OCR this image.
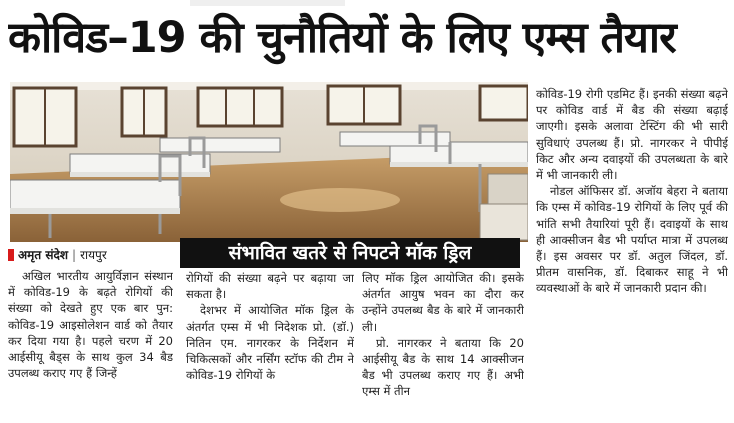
कोविड–19 की चुनौतियों के लिए एम्स तैयार
अमृत संदेश | रायपुर	संभावित खतरे से निपटने मॉक ड्रिल

अखिल भारतीय आयुर्विज्ञान संस्थान में कोविड-19 के बढ़ते रोगियों की संख्या को देखते हुए एक बार पुन: कोविड-19 आइसोलेशन वार्ड को तैयार कर दिया गया है। पहले चरण में 20 आईसीयू बैड्स के साथ कुल 34 बैड उपलब्ध कराए गए हैं जिन्हें

रोगियों की संख्या बढ़ने पर बढ़ाया जा सकता है।

देशभर में आयोजित मॉक ड्रिल के अंतर्गत एम्स में भी निदेशक प्रो. (डॉ.) नितिन एम. नागरकर के निर्देशन में चिकित्सकों और नर्सिंग स्टॉफ की टीम ने कोविड-19 रोगियों के

लिए मॉक ड्रिल आयोजित की। इसके अंतर्गत आयुष भवन का दौरा कर उन्होंने उपलब्ध बैड के बारे में जानकारी ली।

प्रो. नागरकर ने बताया कि 20 आईसीयू बैड के साथ 14 आक्सीजन बैड भी उपलब्ध कराए गए हैं। अभी एम्स में तीन

कोविड-19 रोगी एडमिट हैं। इनकी संख्या बढ़ने पर कोविड वार्ड में बैड की संख्या बढ़ाई जाएगी। इसके अलावा टेस्टिंग की भी सारी सुविधाएं उपलब्ध हैं। प्रो. नागरकर ने पीपीई किट और अन्य दवाइयों की उपलब्धता के बारे में भी जानकारी ली।

नोडल ऑफिसर डॉ. अजॉय बेहरा ने बताया कि एम्स में कोविड-19 रोगियों के लिए पूर्व की भांति सभी तैयारियां पूरी हैं। दवाइयों के साथ ही आक्सीजन बैड भी पर्याप्त मात्रा में उपलब्ध हैं। इस अवसर पर डॉ. अतुल जिंदल, डॉ. प्रीतम वासनिक, डॉ. दिबाकर साहू ने भी व्यवस्थाओं के बारे में जानकारी प्रदान की।
